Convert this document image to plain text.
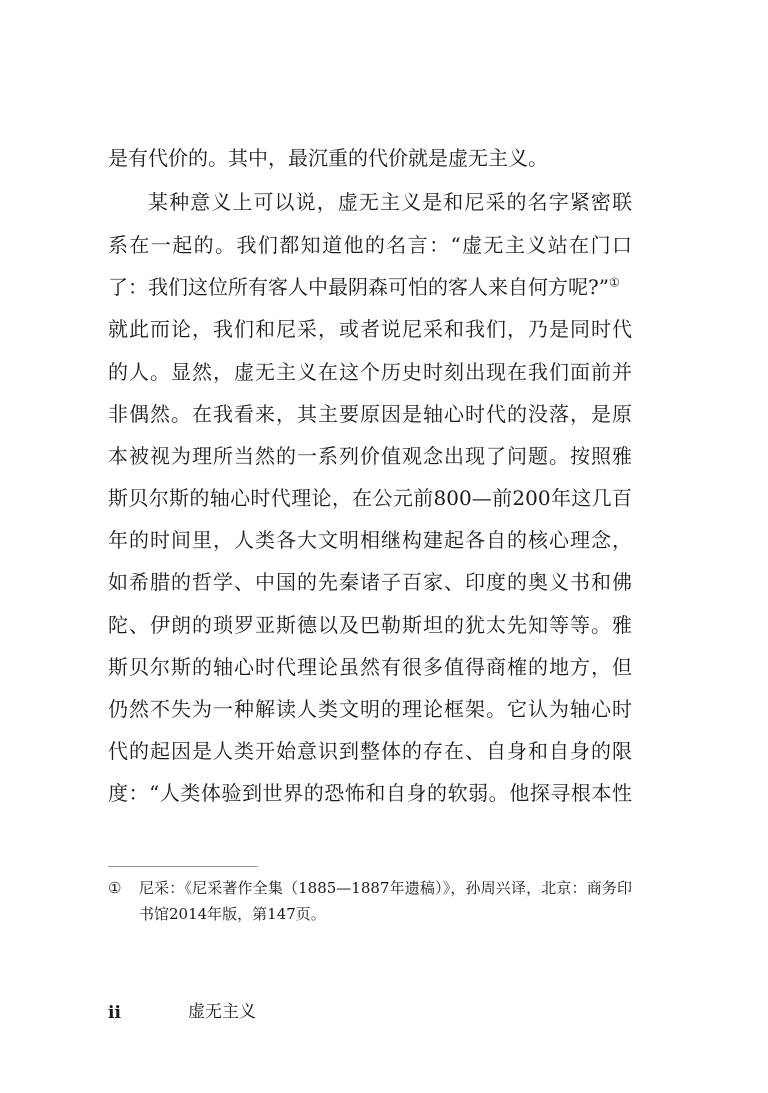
是有代价的。其中，最沉重的代价就是虚无主义。
某种意义上可以说，虚无主义是和尼采的名字紧密联
系在一起的。我们都知道他的名言：“虚无主义站在门口
了：我们这位所有客人中最阴森可怕的客人来自何方呢?”①
就此而论，我们和尼采，或者说尼采和我们，乃是同时代
的人。显然，虚无主义在这个历史时刻出现在我们面前并
非偶然。在我看来，其主要原因是轴心时代的没落，是原
本被视为理所当然的一系列价值观念出现了问题。按照雅
斯贝尔斯的轴心时代理论，在公元前800—前200年这几百
年的时间里，人类各大文明相继构建起各自的核心理念，
如希腊的哲学、中国的先秦诸子百家、印度的奥义书和佛
陀、伊朗的琐罗亚斯德以及巴勒斯坦的犹太先知等等。雅
斯贝尔斯的轴心时代理论虽然有很多值得商榷的地方，但
仍然不失为一种解读人类文明的理论框架。它认为轴心时
代的起因是人类开始意识到整体的存在、自身和自身的限
度：“人类体验到世界的恐怖和自身的软弱。他探寻根本性
① 尼采：《尼采著作全集（1885—1887年遗稿）》，孙周兴译，北京：商务印
书馆2014年版，第147页。
ii	虚无主义
